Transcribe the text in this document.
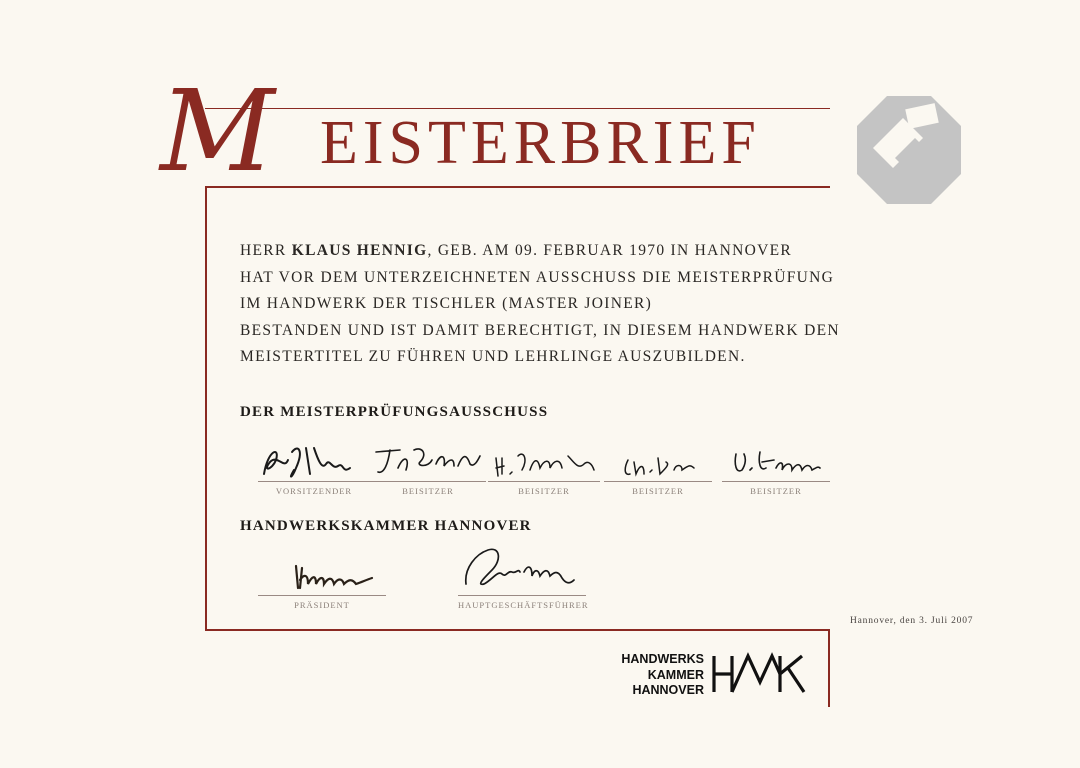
M EISTERBRIEF
HERR KLAUS HENNIG, GEB. AM 09. FEBRUAR 1970 IN HANNOVER
HAT VOR DEM UNTERZEICHNETEN AUSSCHUSS DIE MEISTERPRÜFUNG
IM HANDWERK DER TISCHLER (MASTER JOINER)
BESTANDEN UND IST DAMIT BERECHTIGT, IN DIESEM HANDWERK DEN
MEISTERTITEL ZU FÜHREN UND LEHRLINGE AUSZUBILDEN.
DER MEISTERPRÜFUNGSAUSSCHUSS
VORSITZENDER	BEISITZER	BEISITZER	BEISITZER	BEISITZER
HANDWERKSKAMMER HANNOVER
PRÄSIDENT	HAUPTGESCHÄFTSFÜHRER
Hannover, den 3. Juli 2007
HANDWERKS
KAMMER
HANNOVER
